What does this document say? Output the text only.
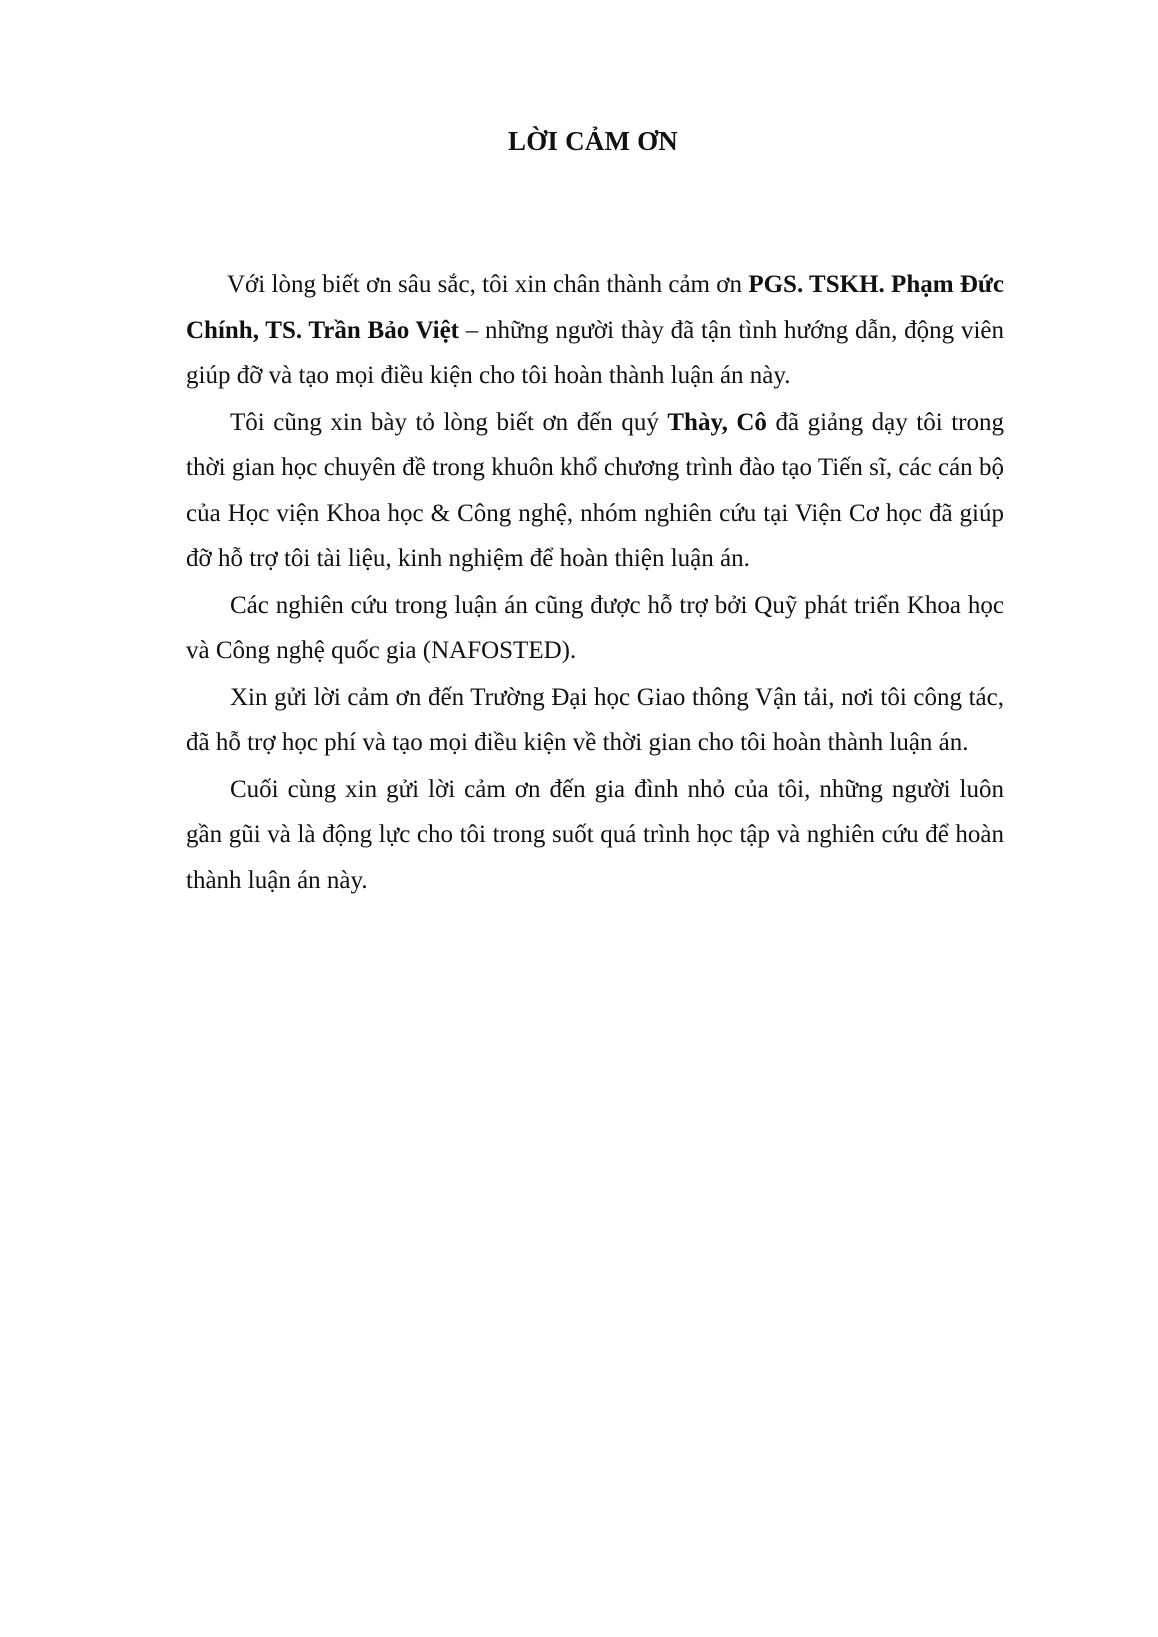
LỜI CẢM ƠN

Với lòng biết ơn sâu sắc, tôi xin chân thành cảm ơn PGS. TSKH. Phạm Đức Chính, TS. Trần Bảo Việt – những người thày đã tận tình hướng dẫn, động viên giúp đỡ và tạo mọi điều kiện cho tôi hoàn thành luận án này.

Tôi cũng xin bày tỏ lòng biết ơn đến quý Thày, Cô đã giảng dạy tôi trong thời gian học chuyên đề trong khuôn khổ chương trình đào tạo Tiến sĩ, các cán bộ của Học viện Khoa học & Công nghệ, nhóm nghiên cứu tại Viện Cơ học đã giúp đỡ hỗ trợ tôi tài liệu, kinh nghiệm để hoàn thiện luận án.

Các nghiên cứu trong luận án cũng được hỗ trợ bởi Quỹ phát triển Khoa học và Công nghệ quốc gia (NAFOSTED).

Xin gửi lời cảm ơn đến Trường Đại học Giao thông Vận tải, nơi tôi công tác, đã hỗ trợ học phí và tạo mọi điều kiện về thời gian cho tôi hoàn thành luận án.

Cuối cùng xin gửi lời cảm ơn đến gia đình nhỏ của tôi, những người luôn gần gũi và là động lực cho tôi trong suốt quá trình học tập và nghiên cứu để hoàn thành luận án này.
